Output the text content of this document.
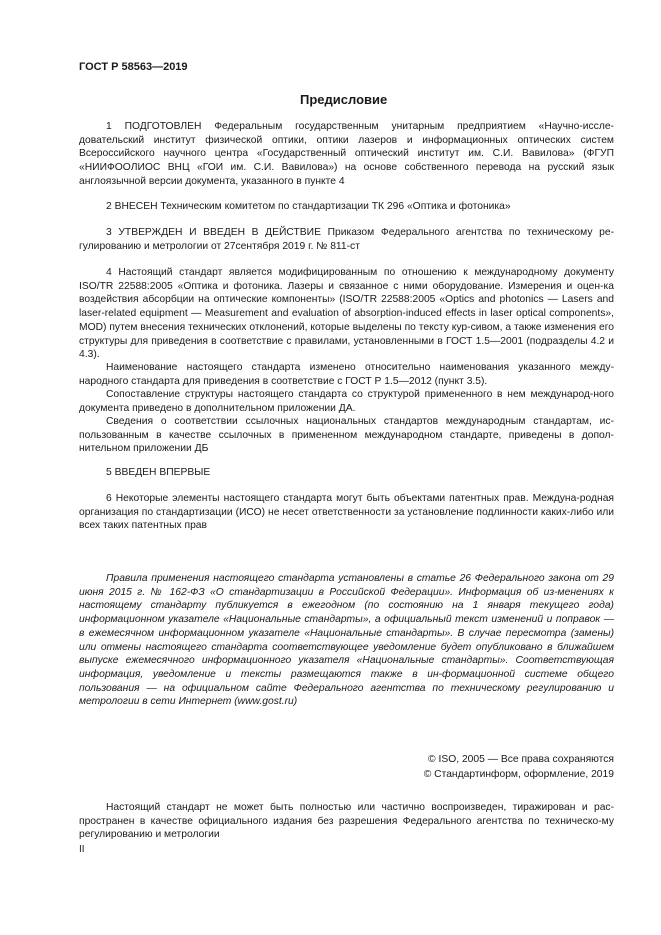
ГОСТ Р 58563—2019
Предисловие

1 ПОДГОТОВЛЕН Федеральным государственным унитарным предприятием «Научно-иссле-довательский институт физической оптики, оптики лазеров и информационных оптических систем Всероссийского научного центра «Государственный оптический институт им. С.И. Вавилова» (ФГУП «НИИФООЛИОС ВНЦ «ГОИ им. С.И. Вавилова») на основе собственного перевода на русский язык англоязычной версии документа, указанного в пункте 4

2 ВНЕСЕН Техническим комитетом по стандартизации ТК 296 «Оптика и фотоника»

3 УТВЕРЖДЕН И ВВЕДЕН В ДЕЙСТВИЕ Приказом Федерального агентства по техническому ре-гулированию и метрологии от 27сентября 2019 г. № 811-ст

4 Настоящий стандарт является модифицированным по отношению к международному документу ISO/TR 22588:2005 «Оптика и фотоника. Лазеры и связанное с ними оборудование. Измерения и оцен-ка воздействия абсорбции на оптические компоненты» (ISO/TR 22588:2005 «Optics and photonics — Lasers and laser-related equipment — Measurement and evaluation of absorption-induced effects in laser optical components», MOD) путем внесения технических отклонений, которые выделены по тексту кур-сивом, а также изменения его структуры для приведения в соответствие с правилами, установленными в ГОСТ 1.5—2001 (подразделы 4.2 и 4.3).

Наименование настоящего стандарта изменено относительно наименования указанного между-народного стандарта для приведения в соответствие с ГОСТ Р 1.5—2012 (пункт 3.5).

Сопоставление структуры настоящего стандарта со структурой примененного в нем международ-ного документа приведено в дополнительном приложении ДА.

Сведения о соответствии ссылочных национальных стандартов международным стандартам, ис-пользованным в качестве ссылочных в примененном международном стандарте, приведены в допол-нительном приложении ДБ

5 ВВЕДЕН ВПЕРВЫЕ

6 Некоторые элементы настоящего стандарта могут быть объектами патентных прав. Междуна-родная организация по стандартизации (ИСО) не несет ответственности за установление подлинности каких-либо или всех таких патентных прав

Правила применения настоящего стандарта установлены в статье 26 Федерального закона от 29 июня 2015 г. № 162-ФЗ «О стандартизации в Российской Федерации». Информация об из-менениях к настоящему стандарту публикуется в ежегодном (по состоянию на 1 января текущего года) информационном указателе «Национальные стандарты», а официальный текст изменений и поправок — в ежемесячном информационном указателе «Национальные стандарты». В случае пересмотра (замены) или отмены настоящего стандарта соответствующее уведомление будет опубликовано в ближайшем выпуске ежемесячного информационного указателя «Национальные стандарты». Соответствующая информация, уведомление и тексты размещаются также в ин-формационной системе общего пользования — на официальном сайте Федерального агентства по техническому регулированию и метрологии в сети Интернет (www.gost.ru)

© ISO, 2005 — Все права сохраняются
© Стандартинформ, оформление, 2019

Настоящий стандарт не может быть полностью или частично воспроизведен, тиражирован и рас-пространен в качестве официального издания без разрешения Федерального агентства по техническо-му регулированию и метрологии

II
